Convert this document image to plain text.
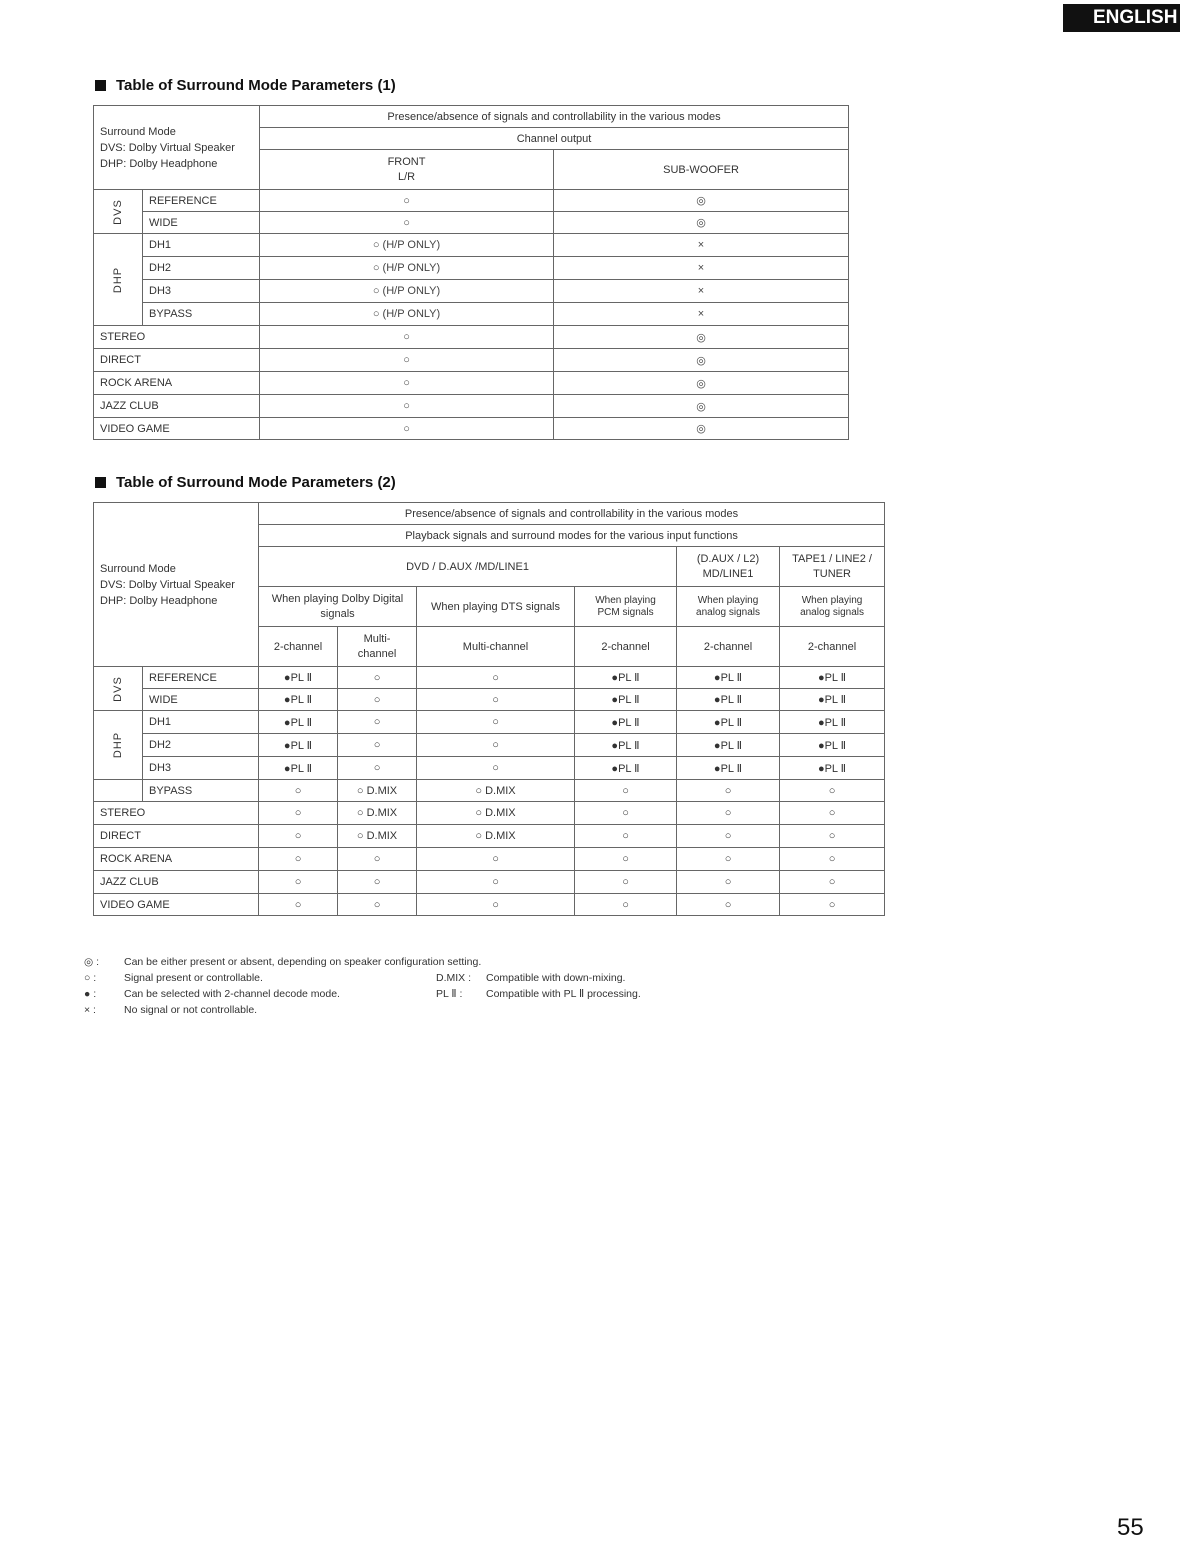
ENGLISH
Table of Surround Mode Parameters (1)
Surround Mode
DVS: Dolby Virtual Speaker
DHP: Dolby Headphone		Presence/absence of signals and controllability in the various modes	
		Channel output	
		FRONT
L/R	SUB-WOOFER
DVS	REFERENCE	○	◎
	WIDE	○	◎
DHP	DH1	○ (H/P ONLY)	×
	DH2	○ (H/P ONLY)	×
	DH3	○ (H/P ONLY)	×
	BYPASS	○ (H/P ONLY)	×
STEREO		○	◎
DIRECT		○	◎
ROCK ARENA		○	◎
JAZZ CLUB		○	◎
VIDEO GAME		○	◎
Table of Surround Mode Parameters (2)
Surround Mode
DVS: Dolby Virtual Speaker
DHP: Dolby Headphone		Presence/absence of signals and controllability in the various modes					
		Playback signals and surround modes for the various input functions					
		DVD / D.AUX /MD/LINE1				(D.AUX / L2)
MD/LINE1	TAPE1 / LINE2 /
TUNER
		When playing Dolby Digital signals		When playing DTS signals	When playing
PCM signals	When playing
analog signals	When playing
analog signals
		2-channel	Multi-
channel	Multi-channel	2-channel	2-channel	2-channel
DVS	REFERENCE	●PL Ⅱ	○	○	●PL Ⅱ	●PL Ⅱ	●PL Ⅱ
	WIDE	●PL Ⅱ	○	○	●PL Ⅱ	●PL Ⅱ	●PL Ⅱ
DHP	DH1	●PL Ⅱ	○	○	●PL Ⅱ	●PL Ⅱ	●PL Ⅱ
	DH2	●PL Ⅱ	○	○	●PL Ⅱ	●PL Ⅱ	●PL Ⅱ
	DH3	●PL Ⅱ	○	○	●PL Ⅱ	●PL Ⅱ	●PL Ⅱ
	BYPASS	○	○ D.MIX	○ D.MIX	○	○	○
STEREO		○	○ D.MIX	○ D.MIX	○	○	○
DIRECT		○	○ D.MIX	○ D.MIX	○	○	○
ROCK ARENA		○	○	○	○	○	○
JAZZ CLUB		○	○	○	○	○	○
VIDEO GAME		○	○	○	○	○	○
◎ :	Can be either present or absent, depending on speaker configuration setting.
○ :	Signal present or controllable.	D.MIX : Compatible with down-mixing.
● :	Can be selected with 2-channel decode mode.	PL Ⅱ : Compatible with PL Ⅱ processing.
× :	No signal or not controllable.
55
